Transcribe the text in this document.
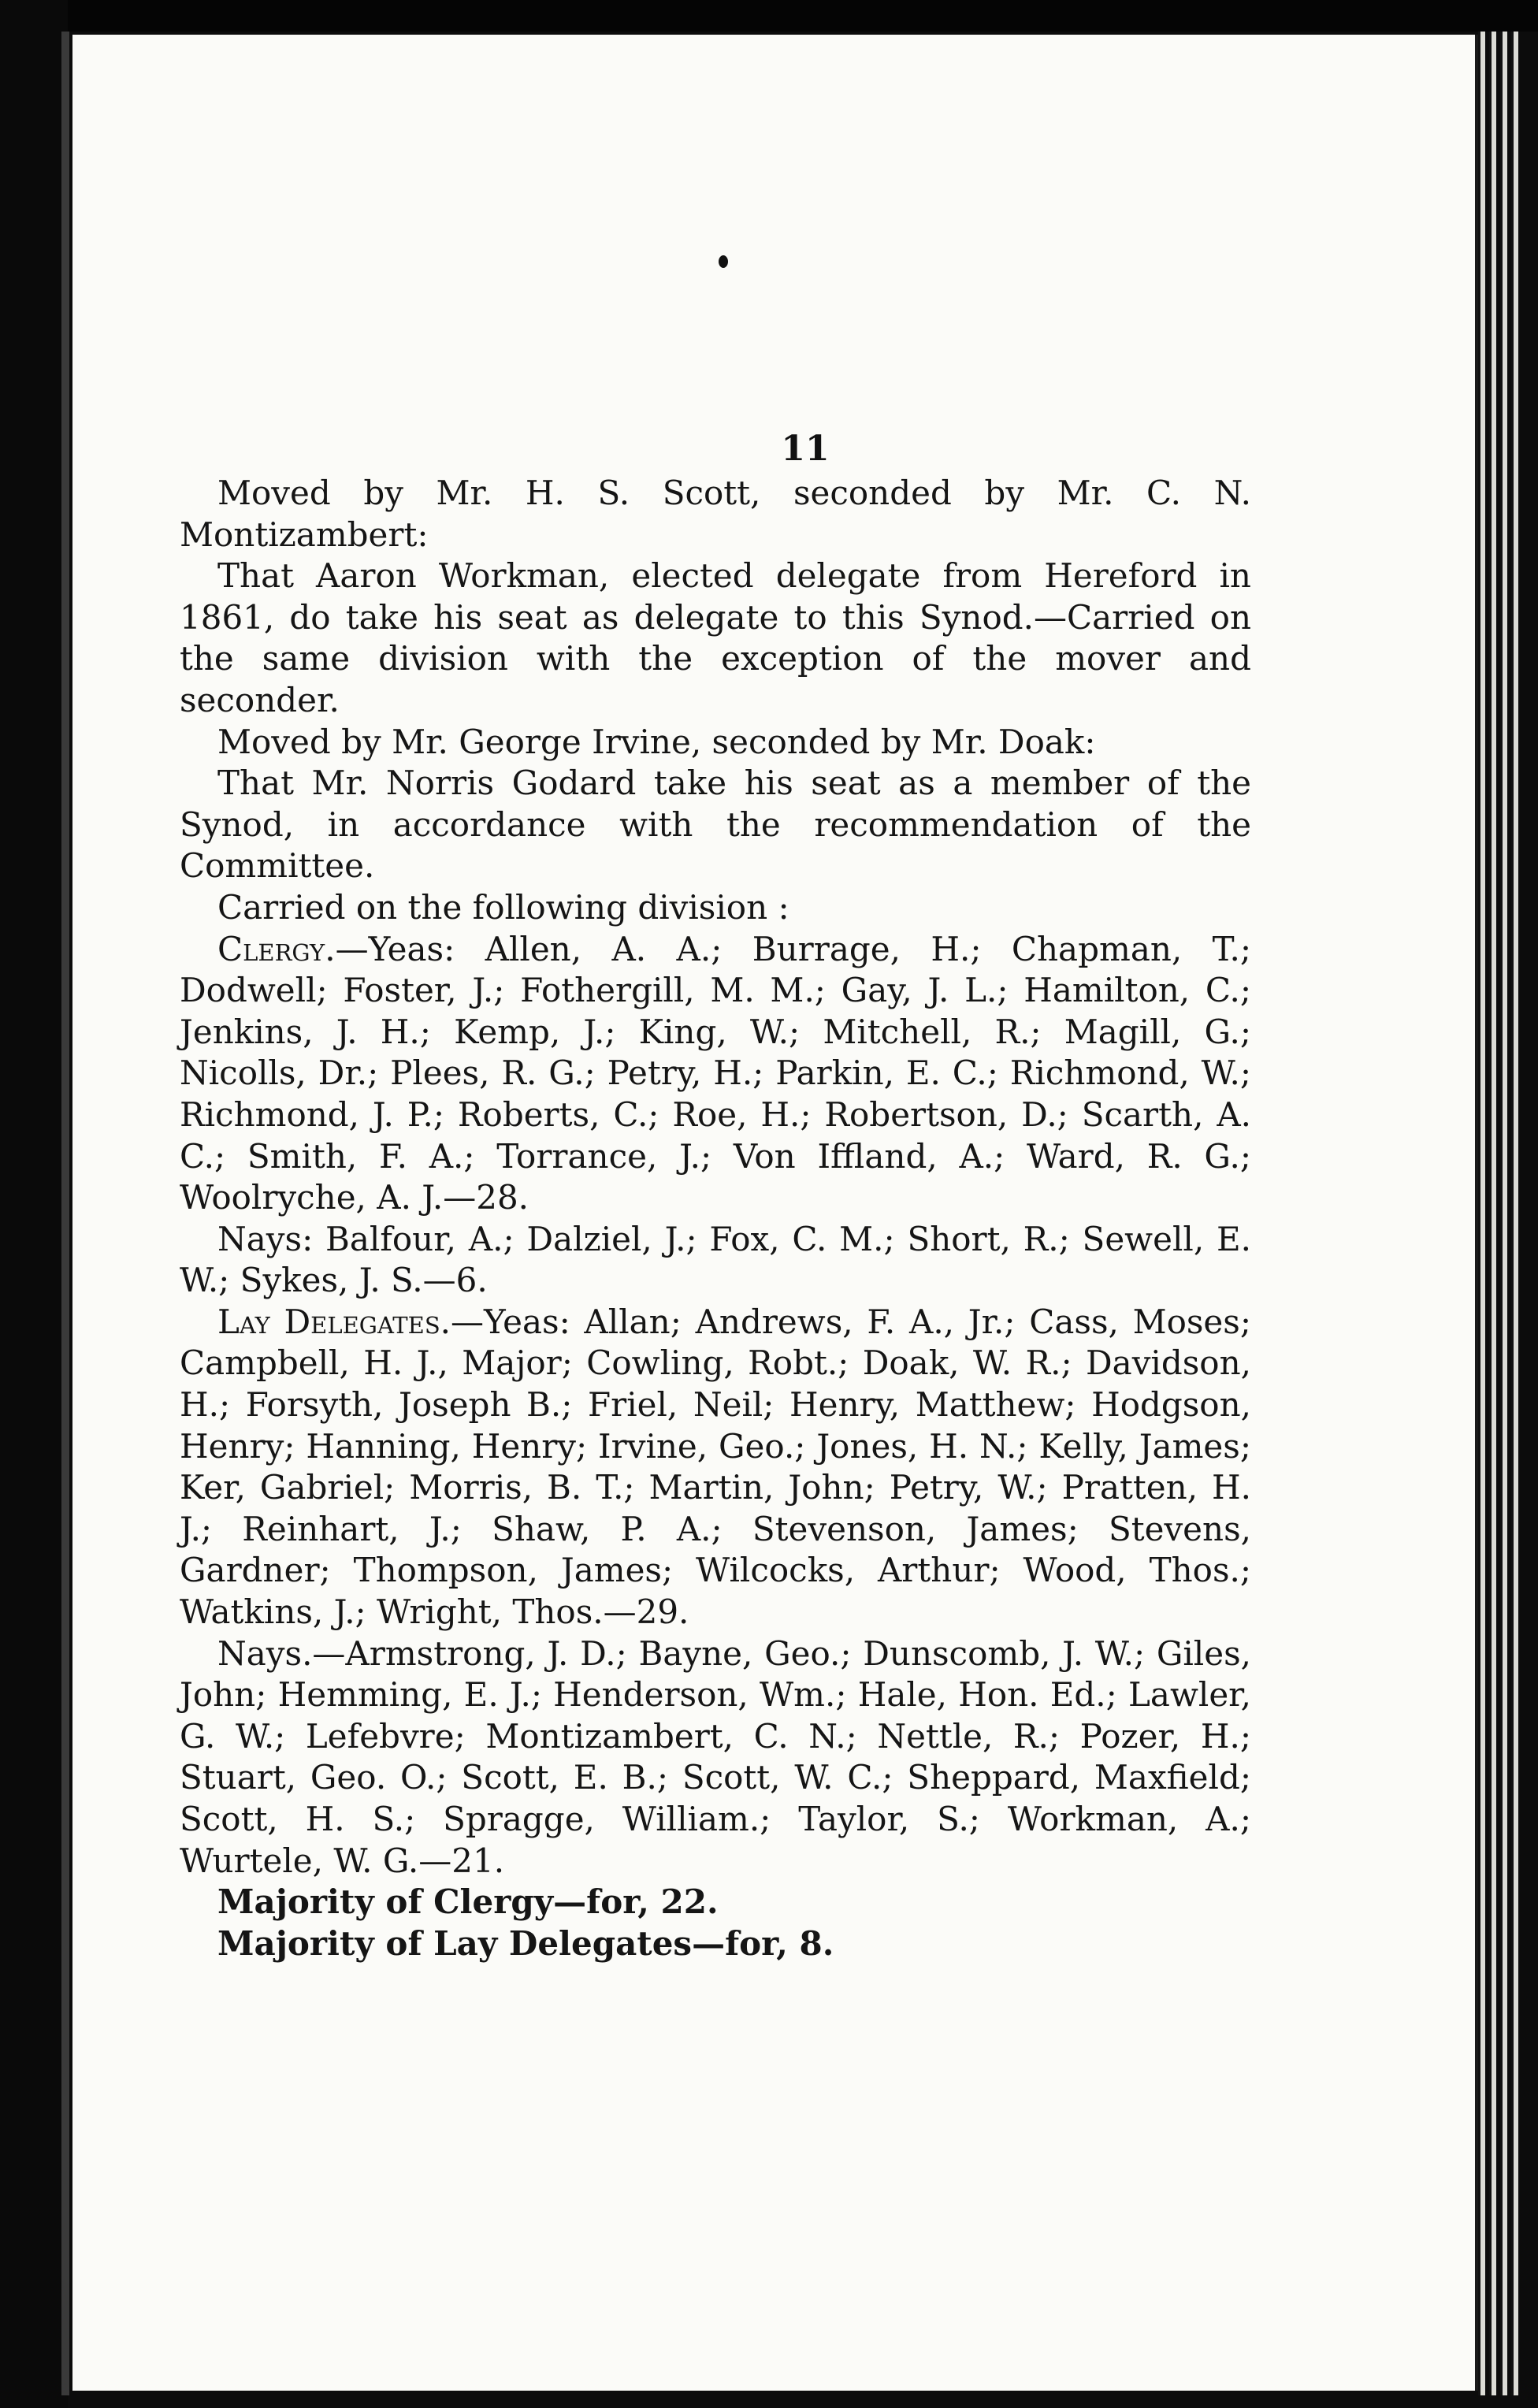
11

Moved by Mr. H. S. Scott, seconded by Mr. C. N. Montizambert:

That Aaron Workman, elected delegate from Hereford in 1861, do take his seat as delegate to this Synod.—Carried on the same division with the exception of the mover and seconder.

Moved by Mr. George Irvine, seconded by Mr. Doak:

That Mr. Norris Godard take his seat as a member of the Synod, in accordance with the recommendation of the Committee.

Carried on the following division :

Clergy.—Yeas: Allen, A. A.; Burrage, H.; Chapman, T.; Dodwell; Foster, J.; Fothergill, M. M.; Gay, J. L.; Hamilton, C.; Jenkins, J. H.; Kemp, J.; King, W.; Mitchell, R.; Magill, G.; Nicolls, Dr.; Plees, R. G.; Petry, H.; Parkin, E. C.; Richmond, W.; Richmond, J. P.; Roberts, C.; Roe, H.; Robertson, D.; Scarth, A. C.; Smith, F. A.; Torrance, J.; Von Iffland, A.; Ward, R. G.; Woolryche, A. J.—28.

Nays: Balfour, A.; Dalziel, J.; Fox, C. M.; Short, R.; Sewell, E. W.; Sykes, J. S.—6.

Lay Delegates.—Yeas: Allan; Andrews, F. A., Jr.; Cass, Moses; Campbell, H. J., Major; Cowling, Robt.; Doak, W. R.; Davidson, H.; Forsyth, Joseph B.; Friel, Neil; Henry, Matthew; Hodgson, Henry; Hanning, Henry; Irvine, Geo.; Jones, H. N.; Kelly, James; Ker, Gabriel; Morris, B. T.; Martin, John; Petry, W.; Pratten, H. J.; Reinhart, J.; Shaw, P. A.; Stevenson, James; Stevens, Gardner; Thompson, James; Wilcocks, Arthur; Wood, Thos.; Watkins, J.; Wright, Thos.—29.

Nays.—Armstrong, J. D.; Bayne, Geo.; Dunscomb, J. W.; Giles, John; Hemming, E. J.; Henderson, Wm.; Hale, Hon. Ed.; Lawler, G. W.; Lefebvre; Montizambert, C. N.; Nettle, R.; Pozer, H.; Stuart, Geo. O.; Scott, E. B.; Scott, W. C.; Sheppard, Maxfield; Scott, H. S.; Spragge, William.; Taylor, S.; Workman, A.; Wurtele, W. G.—21.

Majority of Clergy—for, 22.

Majority of Lay Delegates—for, 8.
